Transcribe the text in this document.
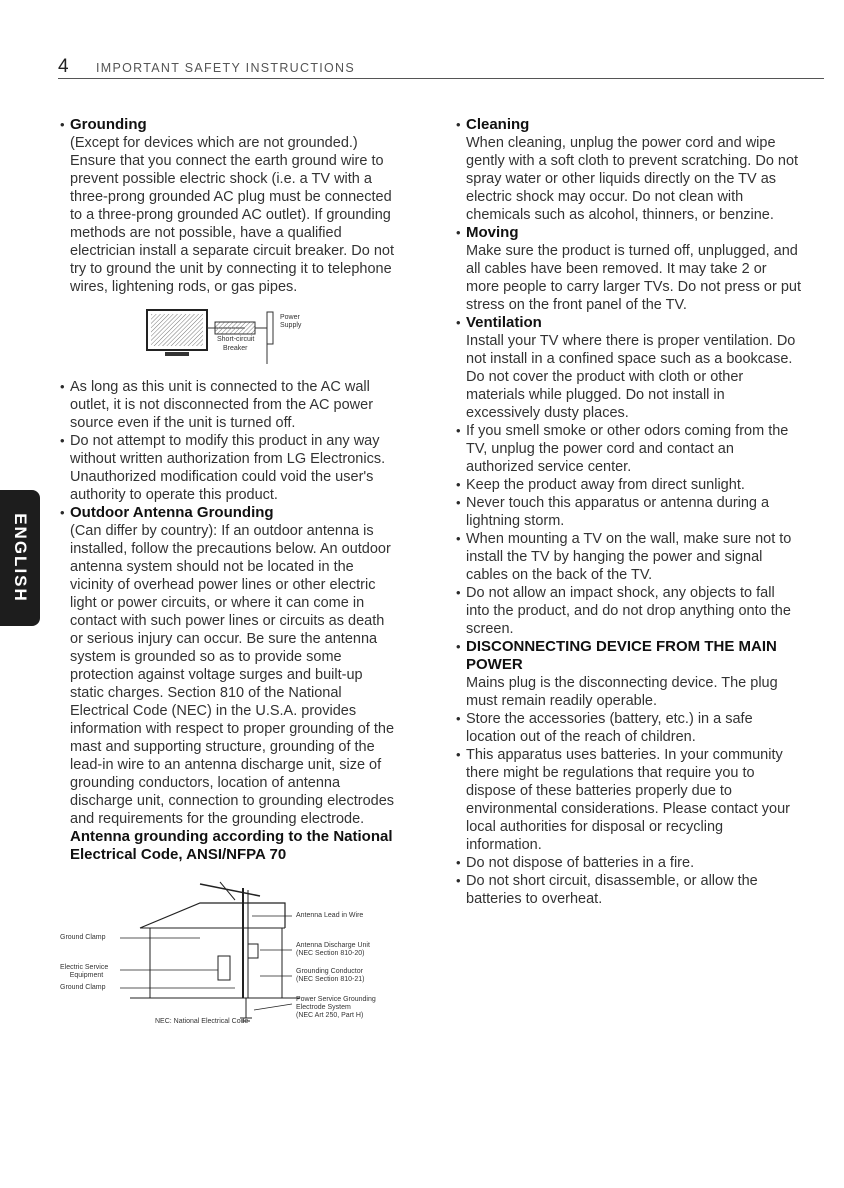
4 IMPORTANT SAFETY INSTRUCTIONS
ENGLISH

• Grounding
(Except for devices which are not grounded.) Ensure that you connect the earth ground wire to prevent possible electric shock (i.e. a TV with a three-prong grounded AC plug must be connected to a three-prong grounded AC outlet). If grounding methods are not possible, have a qualified electrician install a separate circuit breaker. Do not try to ground the unit by connecting it to telephone wires, lightening rods, or gas pipes.

Power
Supply
Short-circuit
Breaker

• As long as this unit is connected to the AC wall outlet, it is not disconnected from the AC power source even if the unit is turned off.

• Do not attempt to modify this product in any way without written authorization from LG Electronics. Unauthorized modification could void the user's authority to operate this product.

• Outdoor Antenna Grounding
(Can differ by country): If an outdoor antenna is installed, follow the precautions below. An outdoor antenna system should not be located in the vicinity of overhead power lines or other electric light or power circuits, or where it can come in contact with such power lines or circuits as death or serious injury can occur. Be sure the antenna system is grounded so as to provide some protection against voltage surges and built-up static charges. Section 810 of the National Electrical Code (NEC) in the U.S.A. provides information with respect to proper grounding of the mast and supporting structure, grounding of the lead-in wire to an antenna discharge unit, size of grounding conductors, location of antenna discharge unit, connection to grounding electrodes and requirements for the grounding electrode.

Antenna grounding according to the National Electrical Code, ANSI/NFPA 70
Antenna Lead in Wire
Antenna Discharge Unit
(NEC Section 810-20)
Grounding Conductor
(NEC Section 810-21)
Power Service Grounding
Electrode System
(NEC Art 250, Part H)
Ground Clamp
Electric Service
Equipment
Ground Clamp
NEC: National Electrical Code

• Cleaning
When cleaning, unplug the power cord and wipe gently with a soft cloth to prevent scratching. Do not spray water or other liquids directly on the TV as electric shock may occur. Do not clean with chemicals such as alcohol, thinners, or benzine.

• Moving
Make sure the product is turned off, unplugged, and all cables have been removed. It may take 2 or more people to carry larger TVs. Do not press or put stress on the front panel of the TV.

• Ventilation
Install your TV where there is proper ventilation. Do not install in a confined space such as a bookcase. Do not cover the product with cloth or other materials while plugged. Do not install in excessively dusty places.

• If you smell smoke or other odors coming from the TV, unplug the power cord and contact an authorized service center.

• Keep the product away from direct sunlight.

• Never touch this apparatus or antenna during a lightning storm.

• When mounting a TV on the wall, make sure not to install the TV by hanging the power and signal cables on the back of the TV.

• Do not allow an impact shock, any objects to fall into the product, and do not drop anything onto the screen.

• DISCONNECTING DEVICE FROM THE MAIN POWER
Mains plug is the disconnecting device. The plug must remain readily operable.

• Store the accessories (battery, etc.) in a safe location out of the reach of children.

• This apparatus uses batteries. In your community there might be regulations that require you to dispose of these batteries properly due to environmental considerations. Please contact your local authorities for disposal or recycling information.

• Do not dispose of batteries in a fire.

• Do not short circuit, disassemble, or allow the batteries to overheat.
